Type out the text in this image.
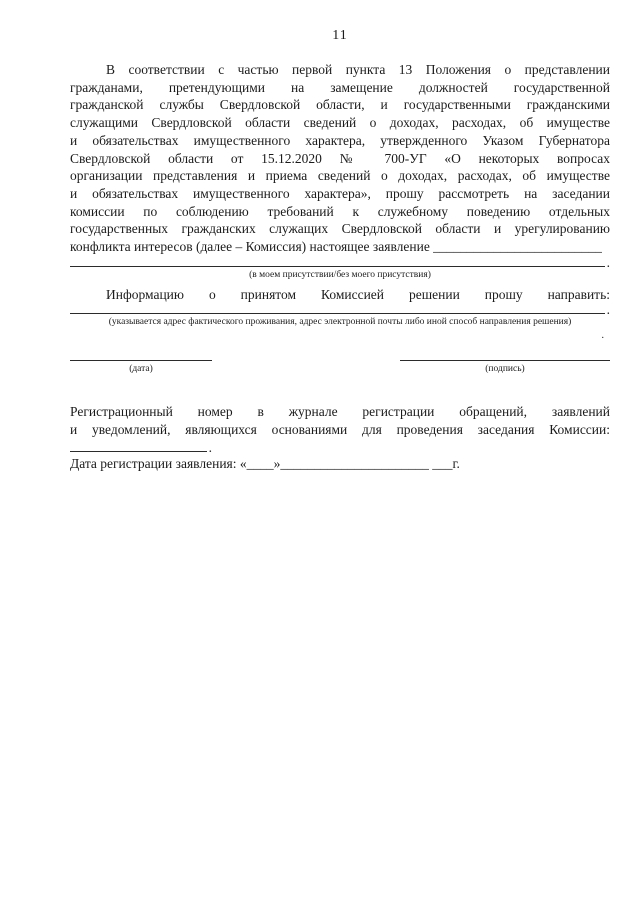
11
В соответствии с частью первой пункта 13 Положения о представлении
гражданами, претендующими на замещение должностей государственной
гражданской службы Свердловской области, и государственными гражданскими
служащими Свердловской области сведений о доходах, расходах, об имуществе
и обязательствах имущественного характера, утвержденного Указом Губернатора
Свердловской области от 15.12.2020 № 700-УГ «О некоторых вопросах
организации представления и приема сведений о доходах, расходах, об имуществе
и обязательствах имущественного характера», прошу рассмотреть на заседании
комиссии по соблюдению требований к служебному поведению отдельных
государственных гражданских служащих Свердловской области и урегулированию
конфликта интересов (далее – Комиссия) настоящее заявление _________________________
.
(в моем присутствии/без моего присутствия)
Информацию о принятом Комиссией решении прошу направить:
.
(указывается адрес фактического проживания, адрес электронной почты либо иной способ направления решения)
.
(дата)	(подпись)
Регистрационный номер в журнале регистрации обращений, заявлений
и уведомлений, являющихся основаниями для проведения заседания Комиссии:
.
Дата регистрации заявления: «____»______________________ ___г.
